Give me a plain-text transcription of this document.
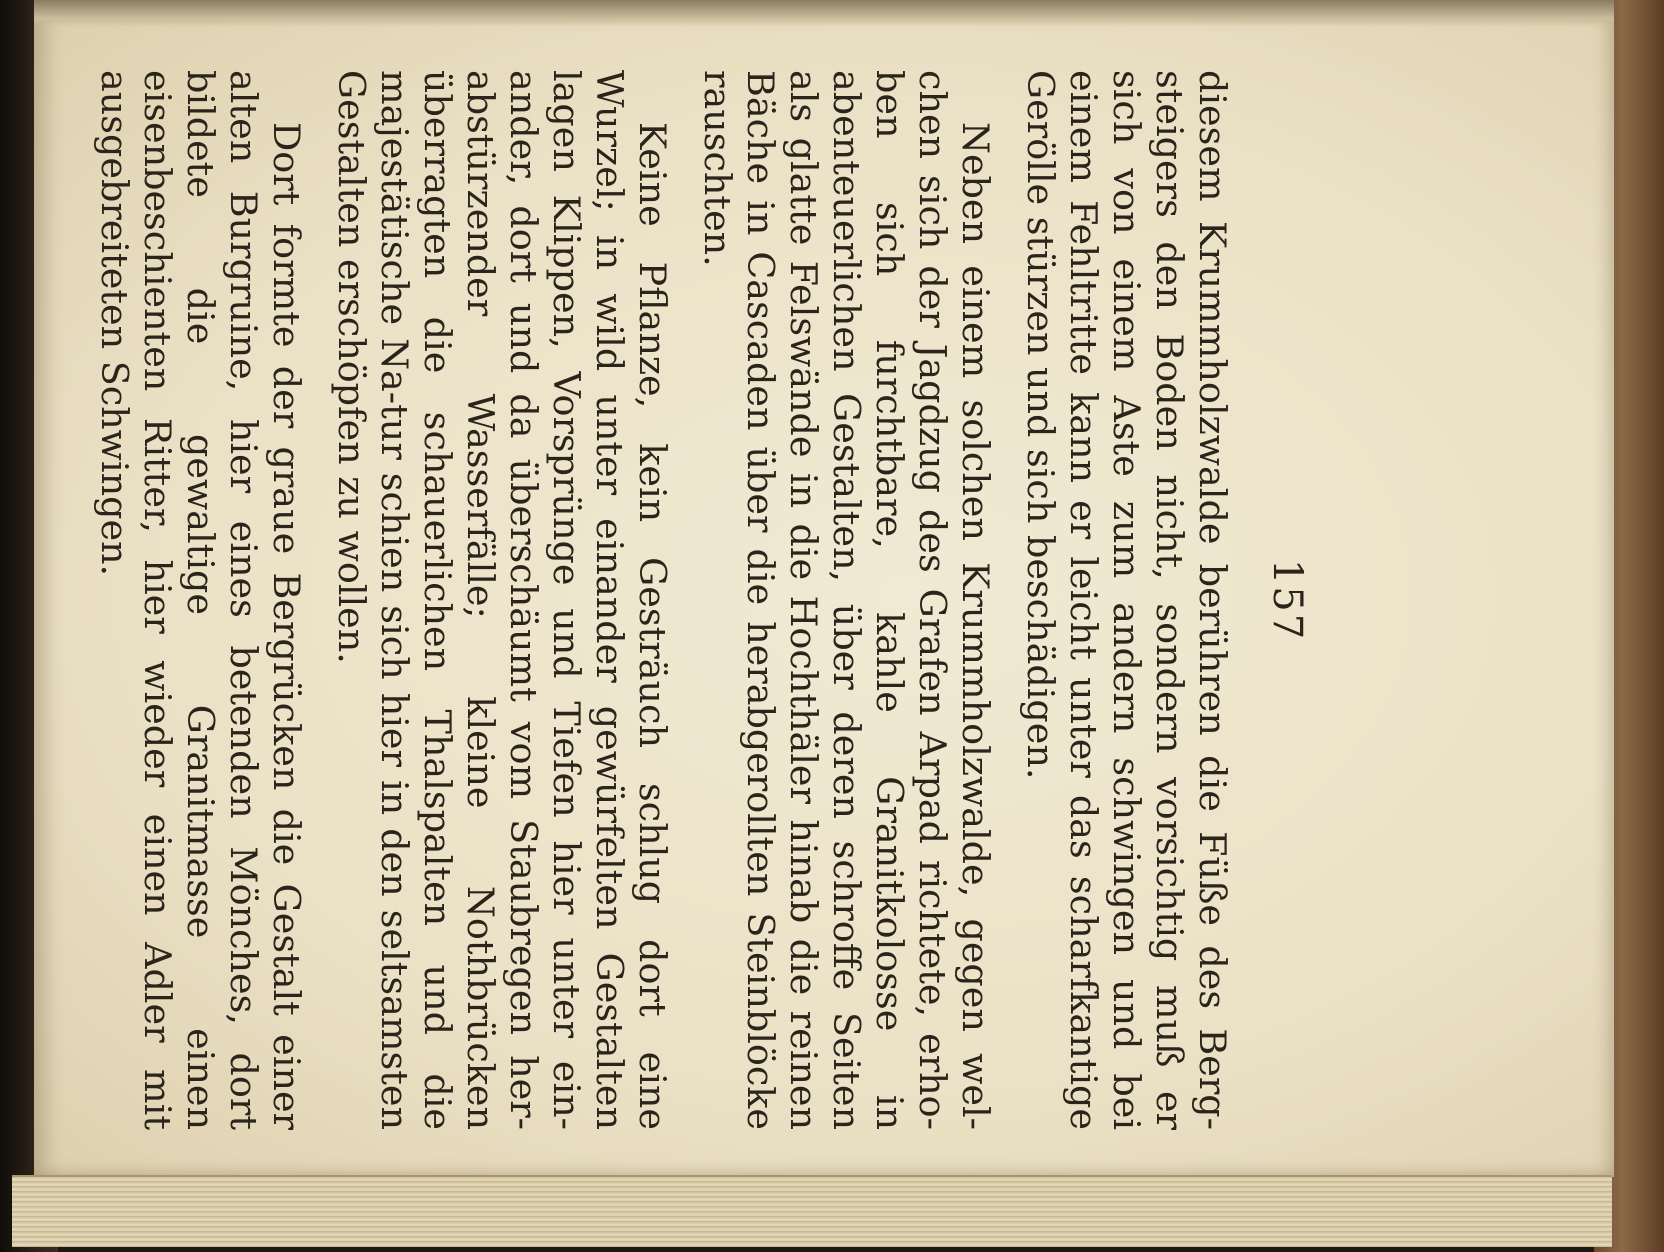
157

diesem Krummholzwalde berühren die Füße des Berg-steigers den Boden nicht, sondern vorsichtig muß er sich von einem Aste zum andern schwingen und bei einem Fehltritte kann er leicht unter das scharfkantige Gerölle stürzen und sich beschädigen.

Neben einem solchen Krummholzwalde, gegen wel-chen sich der Jagdzug des Grafen Arpad richtete, erho-ben sich furchtbare, kahle Granitkolosse in abenteuerlichen Gestalten, über deren schroffe Seiten als glatte Felswände in die Hochthäler hinab die reinen Bäche in Cascaden über die herabgerollten Steinblöcke rauschten.

Keine Pflanze, kein Gesträuch schlug dort eine Wurzel; in wild unter einander gewürfelten Gestalten lagen Klippen, Vorsprünge und Tiefen hier unter ein-ander, dort und da überschäumt vom Staubregen her-abstürzender Wasserfälle; kleine Nothbrücken überragten die schauerlichen Thalspalten und die majestätische Na-tur schien sich hier in den seltsamsten Gestalten erschöpfen zu wollen.

Dort formte der graue Bergrücken die Gestalt einer alten Burgruine, hier eines betenden Mönches, dort bildete die gewaltige Granitmasse einen eisenbeschienten Ritter, hier wieder einen Adler mit ausgebreiteten Schwingen.
